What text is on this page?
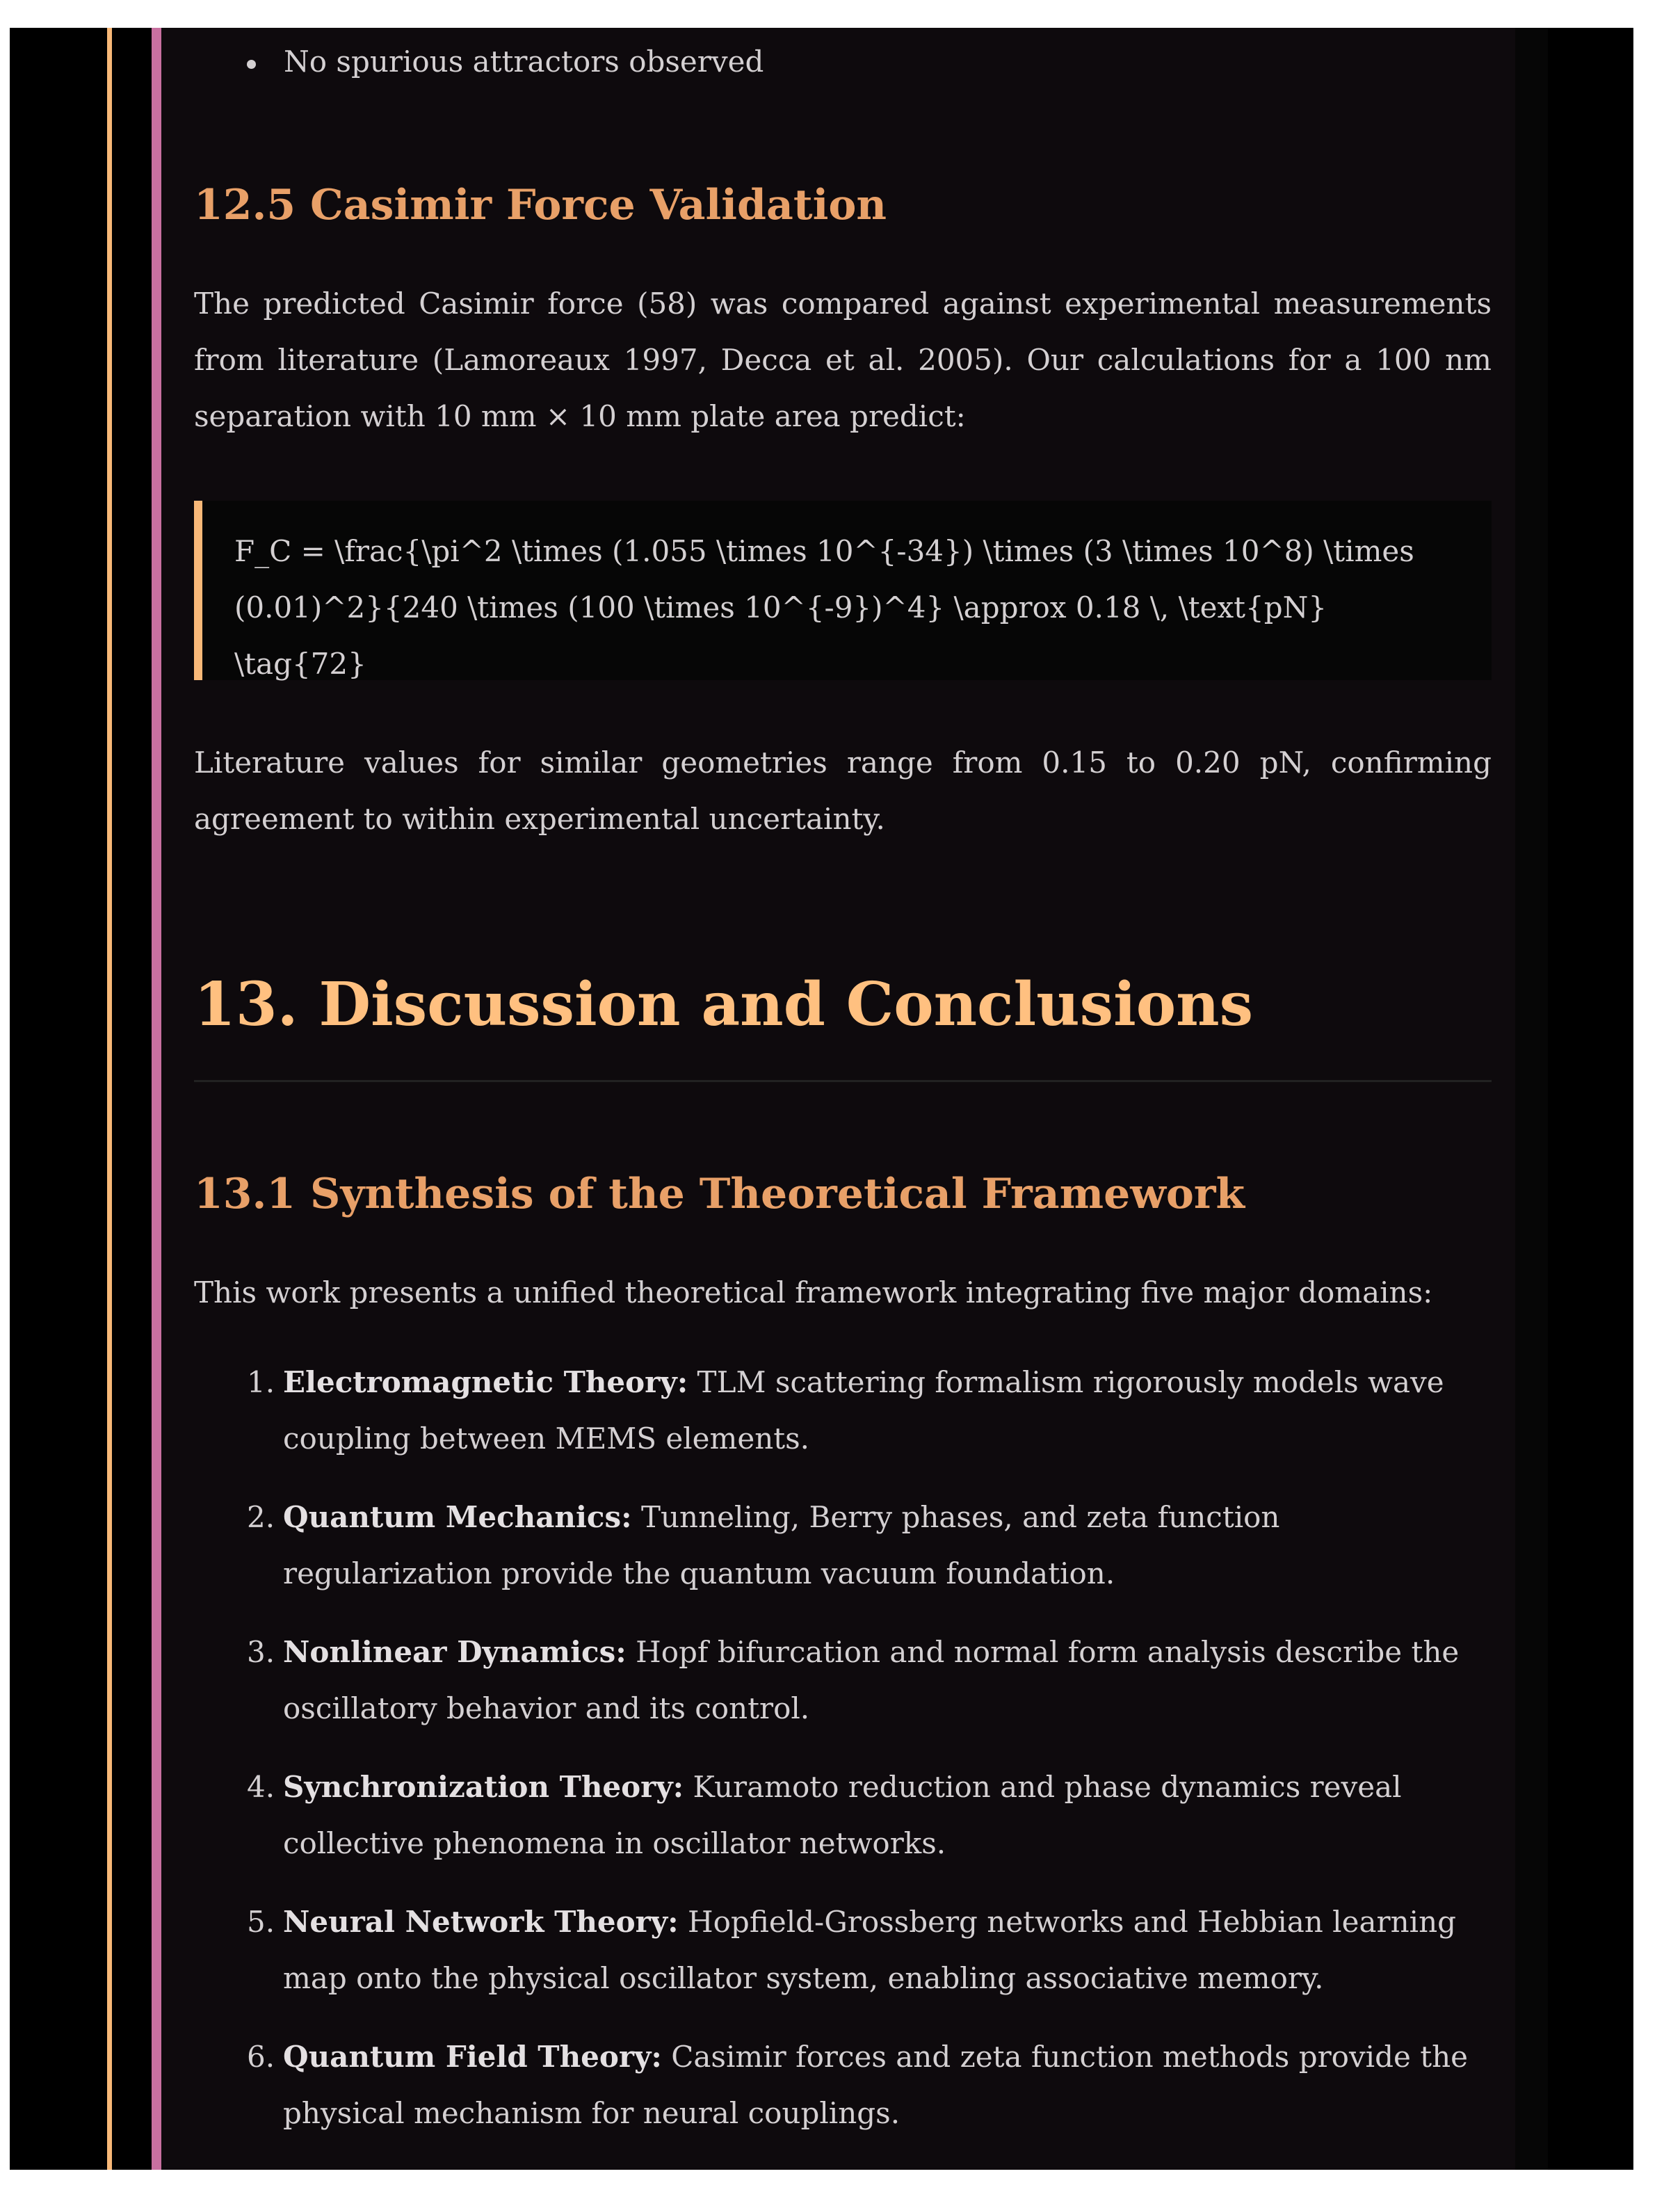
No spurious attractors observed
12.5 Casimir Force Validation

The predicted Casimir force (58) was compared against experimental measurements from literature (Lamoreaux 1997, Decca et al. 2005). Our calculations for a 100 nm separation with 10 mm × 10 mm plate area predict:

F_C = \frac{\pi^2 \times (1.055 \times 10^{-34}) \times (3 \times 10^8) \times (0.01)^2}{240 \times (100 \times 10^{-9})^4} \approx 0.18 \, \text{pN} \tag{72}

Literature values for similar geometries range from 0.15 to 0.20 pN, confirming agreement to within experimental uncertainty.

13. Discussion and Conclusions
13.1 Synthesis of the Theoretical Framework

This work presents a unified theoretical framework integrating five major domains:

1. Electromagnetic Theory: TLM scattering formalism rigorously models wave coupling between MEMS elements.
2. Quantum Mechanics: Tunneling, Berry phases, and zeta function regularization provide the quantum vacuum foundation.
3. Nonlinear Dynamics: Hopf bifurcation and normal form analysis describe the oscillatory behavior and its control.
4. Synchronization Theory: Kuramoto reduction and phase dynamics reveal collective phenomena in oscillator networks.
5. Neural Network Theory: Hopfield-Grossberg networks and Hebbian learning map onto the physical oscillator system, enabling associative memory.
6. Quantum Field Theory: Casimir forces and zeta function methods provide the physical mechanism for neural couplings.
